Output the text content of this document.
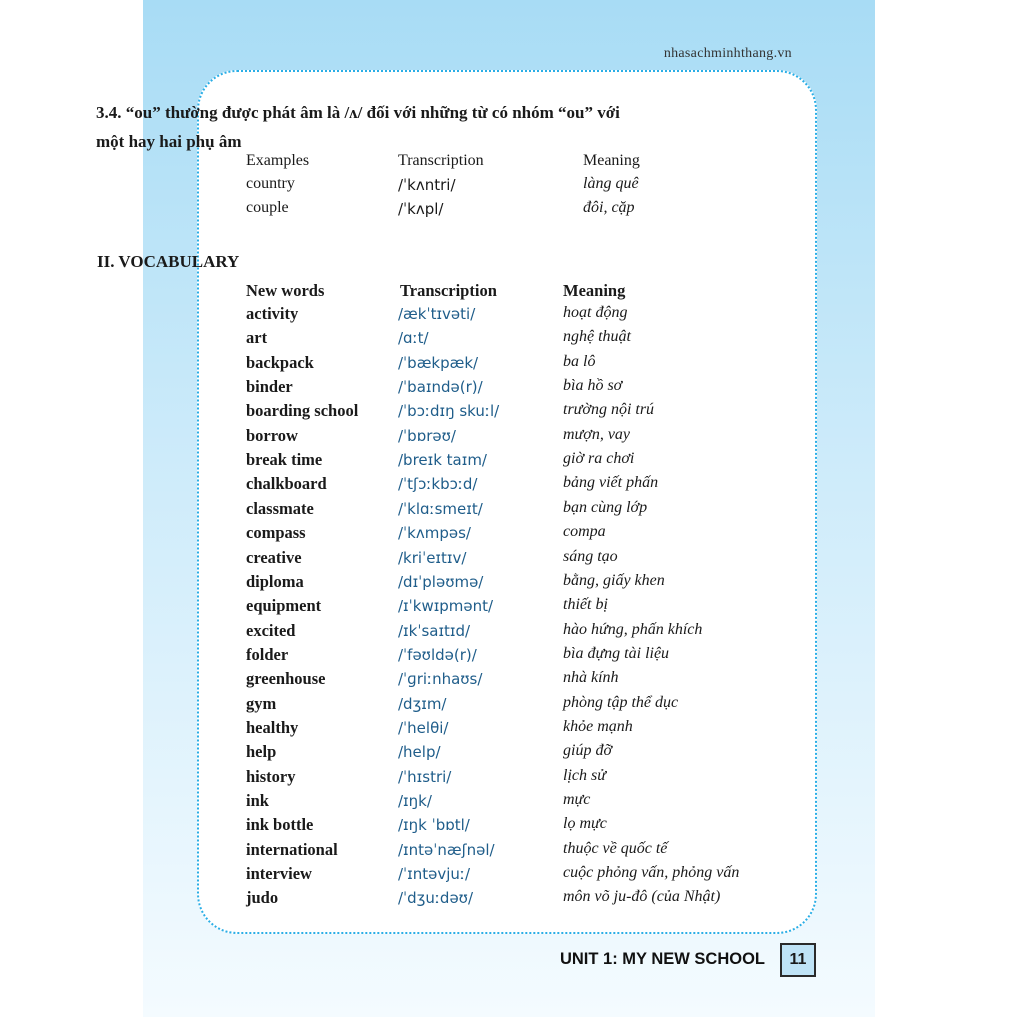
nhasachminhthang.vn
UNIT 1: MY NEW SCHOOL	11
3.4. “ou” thường được phát âm là /ʌ/ đối với những từ có nhóm “ou” với một hay hai phụ âm
Examples	Transcription	Meaning
country	/ˈkʌntri/	làng quê
couple	/ˈkʌpl/	đôi, cặp
II. VOCABULARY
New words	Transcription	Meaning
activity	/ækˈtɪvəti/	hoạt động
art	/ɑːt/	nghệ thuật
backpack	/ˈbækpæk/	ba lô
binder	/ˈbaɪndə(r)/	bìa hồ sơ
boarding school	/ˈbɔːdɪŋ skuːl/	trường nội trú
borrow	/ˈbɒrəʊ/	mượn, vay
break time	/breɪk taɪm/	giờ ra chơi
chalkboard	/ˈtʃɔːkbɔːd/	bảng viết phấn
classmate	/ˈklɑːsmeɪt/	bạn cùng lớp
compass	/ˈkʌmpəs/	compa
creative	/kriˈeɪtɪv/	sáng tạo
diploma	/dɪˈpləʊmə/	bằng, giấy khen
equipment	/ɪˈkwɪpmənt/	thiết bị
excited	/ɪkˈsaɪtɪd/	hào hứng, phấn khích
folder	/ˈfəʊldə(r)/	bìa đựng tài liệu
greenhouse	/ˈɡriːnhaʊs/	nhà kính
gym	/dʒɪm/	phòng tập thể dục
healthy	/ˈhelθi/	khỏe mạnh
help	/help/	giúp đỡ
history	/ˈhɪstri/	lịch sử
ink	/ɪŋk/	mực
ink bottle	/ɪŋk ˈbɒtl/	lọ mực
international	/ɪntəˈnæʃnəl/	thuộc về quốc tế
interview	/ˈɪntəvjuː/	cuộc phỏng vấn, phỏng vấn
judo	/ˈdʒuːdəʊ/	môn võ ju-đô (của Nhật)
